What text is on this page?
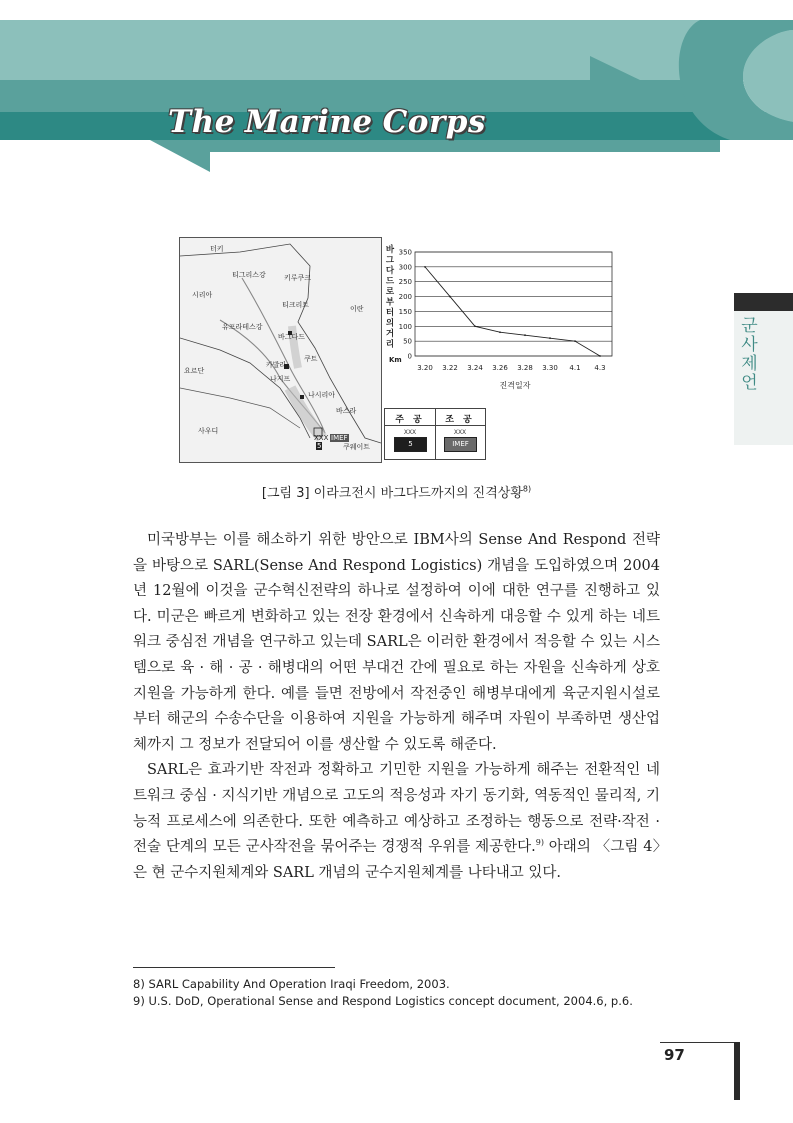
The Marine Corps
군사제언
터키
티그리스강	키루쿠크
시리아
티크리트	이란
유프라테스강
바그다드
카발라
쿠트
요르단
나지프
나시리아
바스라
사우디
XXX
5
IMEF
쿠웨이트
바
그
다
드
로
부
터
의
거
리
0
50
100
150
200
250
300
350
3.20 3.22 3.24 3.26 3.28 3.30 4.1 4.3
Km
진격일자
주 공
XXX
5
조 공
XXX
IMEF
[그림 3] 이라크전시 바그다드까지의 진격상황$^{8)}$

미국방부는 이를 해소하기 위한 방안으로 IBM사의 Sense And Respond 전략을 바탕으로 SARL(Sense And Respond Logistics) 개념을 도입하였으며 2004년 12월에 이것을 군수혁신전략의 하나로 설정하여 이에 대한 연구를 진행하고 있다. 미군은 빠르게 변화하고 있는 전장 환경에서 신속하게 대응할 수 있게 하는 네트워크 중심전 개념을 연구하고 있는데 SARL은 이러한 환경에서 적응할 수 있는 시스템으로 육 · 해 · 공 · 해병대의 어떤 부대건 간에 필요로 하는 자원을 신속하게 상호 지원을 가능하게 한다. 예를 들면 전방에서 작전중인 해병부대에게 육군지원시설로부터 해군의 수송수단을 이용하여 지원을 가능하게 해주며 자원이 부족하면 생산업체까지 그 정보가 전달되어 이를 생산할 수 있도록 해준다.

SARL은 효과기반 작전과 정확하고 기민한 지원을 가능하게 해주는 전환적인 네트워크 중심 · 지식기반 개념으로 고도의 적응성과 자기 동기화, 역동적인 물리적, 기능적 프로세스에 의존한다. 또한 예측하고 예상하고 조정하는 행동으로 전략·작전 · 전술 단계의 모든 군사작전을 묶어주는 경쟁적 우위를 제공한다.$^{9)}$ 아래의 〈그림 4〉은 현 군수지원체계와 SARL 개념의 군수지원체계를 나타내고 있다.

8) SARL Capability And Operation Iraqi Freedom, 2003.
9) U.S. DoD, Operational Sense and Respond Logistics concept document, 2004.6, p.6.
97
